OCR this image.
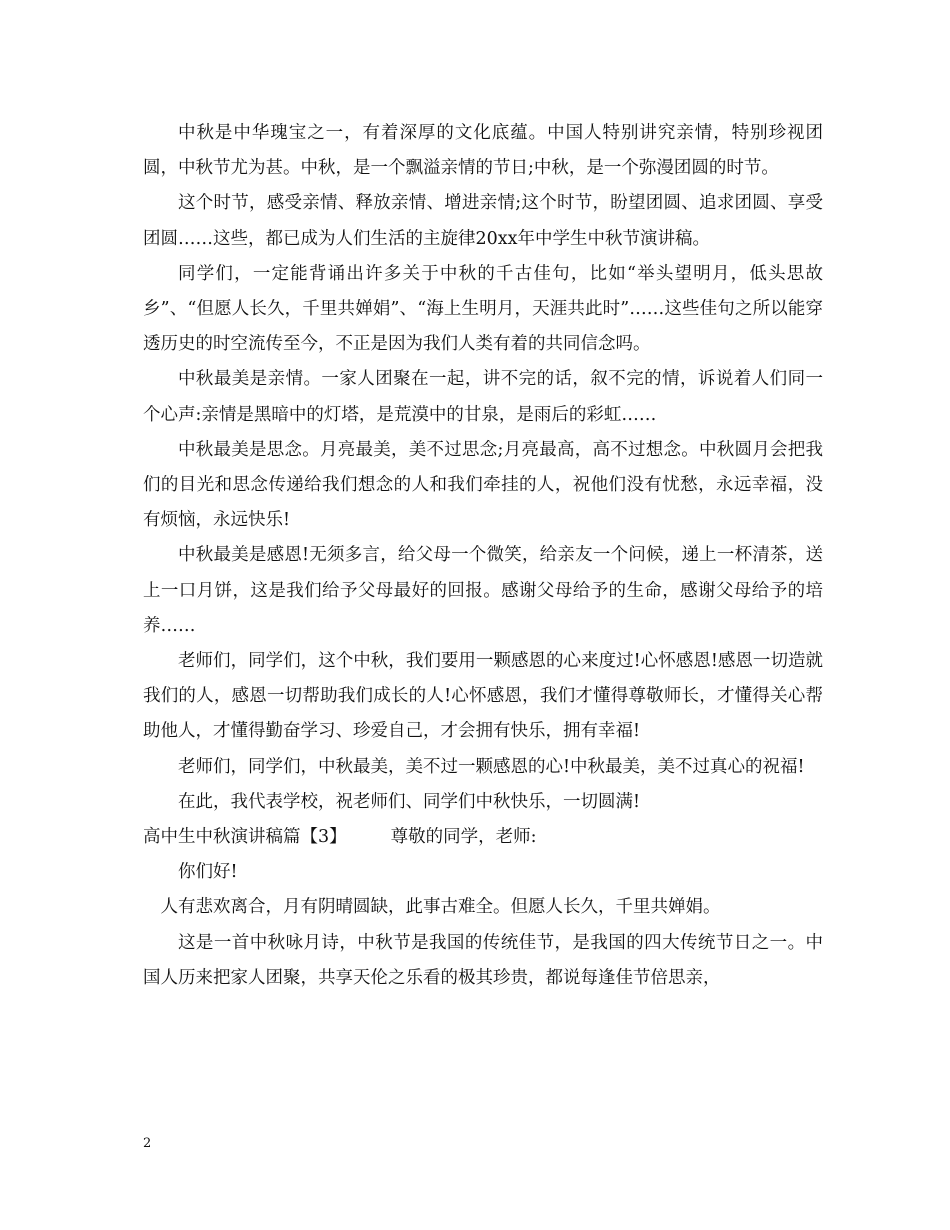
中秋是中华瑰宝之一，有着深厚的文化底蕴。中国人特别讲究亲情，特别珍视团圆，中秋节尤为甚。中秋，是一个飘溢亲情的节日;中秋，是一个弥漫团圆的时节。

这个时节，感受亲情、释放亲情、增进亲情;这个时节，盼望团圆、追求团圆、享受团圆……这些，都已成为人们生活的主旋律20xx年中学生中秋节演讲稿。

同学们，一定能背诵出许多关于中秋的千古佳句，比如“举头望明月，低头思故乡”、“但愿人长久，千里共婵娟”、“海上生明月，天涯共此时”……这些佳句之所以能穿透历史的时空流传至今，不正是因为我们人类有着的共同信念吗。

中秋最美是亲情。一家人团聚在一起，讲不完的话，叙不完的情，诉说着人们同一个心声:亲情是黑暗中的灯塔，是荒漠中的甘泉，是雨后的彩虹……

中秋最美是思念。月亮最美，美不过思念;月亮最高，高不过想念。中秋圆月会把我们的目光和思念传递给我们想念的人和我们牵挂的人，祝他们没有忧愁，永远幸福，没有烦恼，永远快乐!

中秋最美是感恩!无须多言，给父母一个微笑，给亲友一个问候，递上一杯清茶，送上一口月饼，这是我们给予父母最好的回报。感谢父母给予的生命，感谢父母给予的培养……

老师们，同学们，这个中秋，我们要用一颗感恩的心来度过!心怀感恩!感恩一切造就我们的人，感恩一切帮助我们成长的人!心怀感恩，我们才懂得尊敬师长，才懂得关心帮助他人，才懂得勤奋学习、珍爱自己，才会拥有快乐，拥有幸福!

老师们，同学们，中秋最美，美不过一颗感恩的心!中秋最美，美不过真心的祝福!

在此，我代表学校，祝老师们、同学们中秋快乐，一切圆满!

高中生中秋演讲稿篇【3】	尊敬的同学，老师:

你们好!

人有悲欢离合，月有阴晴圆缺，此事古难全。但愿人长久，千里共婵娟。

这是一首中秋咏月诗，中秋节是我国的传统佳节，是我国的四大传统节日之一。中国人历来把家人团聚，共享天伦之乐看的极其珍贵，都说每逢佳节倍思亲，

2
